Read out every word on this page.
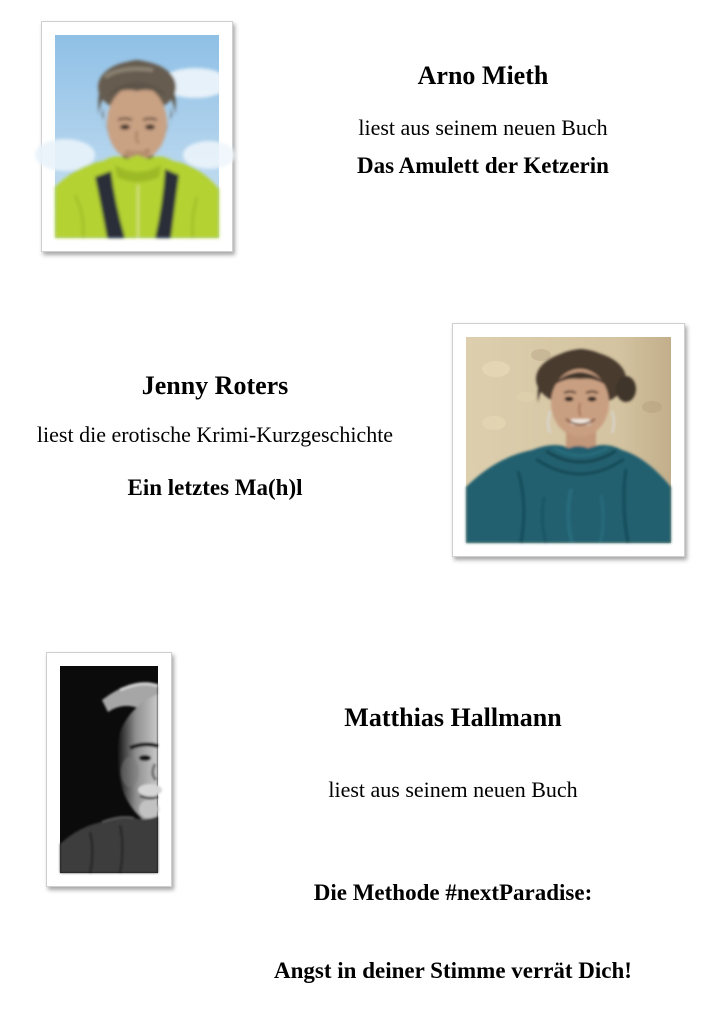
Arno Mieth
liest aus seinem neuen Buch
Das Amulett der Ketzerin
Jenny Roters
liest die erotische Krimi-Kurzgeschichte
Ein letztes Ma(h)l
Matthias Hallmann
liest aus seinem neuen Buch

Die Methode #nextParadise:

Angst in deiner Stimme verrät Dich!
